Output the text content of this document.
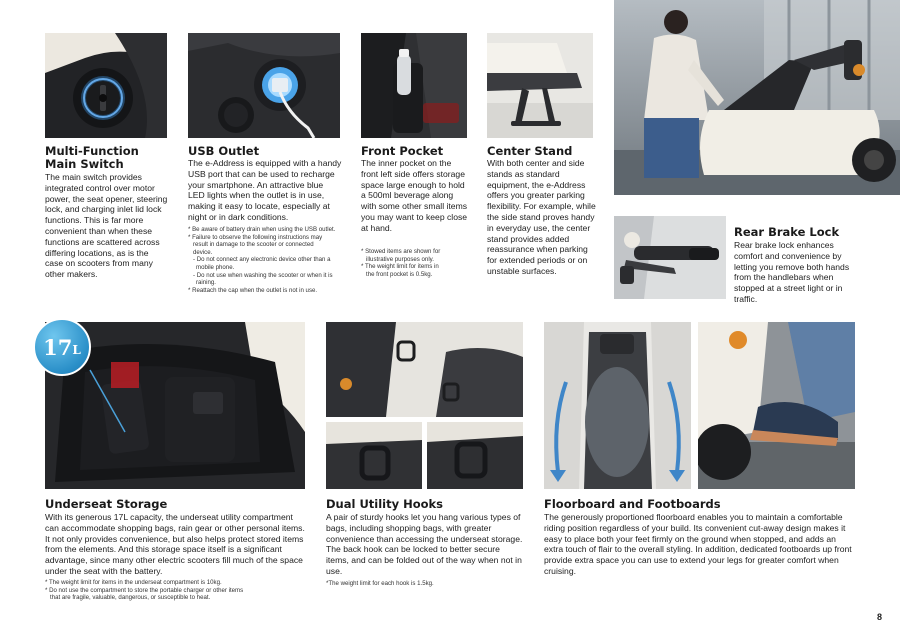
Multi-Function
Main Switch
The main switch provides integrated control over motor power, the seat opener, steering lock, and charging inlet lid lock functions. This is far more convenient than when these functions are scattered across differing locations, as is the case on scooters from many other makers.
USB Outlet
The e-Address is equipped with a handy USB port that can be used to recharge your smartphone. An attractive blue LED lights when the outlet is in use, making it easy to locate, especially at night or in dark conditions.
* Be aware of battery drain when using the USB outlet.
* Failure to observe the following instructions may
result in damage to the scooter or connected
device.
- Do not connect any electronic device other than a
mobile phone.
- Do not use when washing the scooter or when it is
raining.
* Reattach the cap when the outlet is not in use.
Front Pocket
The inner pocket on the front left side offers storage space large enough to hold a 500ml beverage along with some other small items you may want to keep close at hand.
* Stowed items are shown for
illustrative purposes only.
* The weight limit for items in
the front pocket is 0.5kg.
Center Stand
With both center and side stands as standard equipment, the e-Address offers you greater parking flexibility. For example, while the side stand proves handy in everyday use, the center stand provides added reassurance when parking for extended periods or on unstable surfaces.
Rear Brake Lock
Rear brake lock enhances comfort and convenience by letting you remove both hands from the handlebars when stopped at a street light or in traffic.
17 L
Underseat Storage
With its generous 17L capacity, the underseat utility compartment can accommodate shopping bags, rain gear or other personal items. It not only provides convenience, but also helps protect stored items from the elements. And this storage space itself is a significant advantage, since many other electric scooters fill much of the space under the seat with the battery.
* The weight limit for items in the underseat compartment is 10kg.
* Do not use the compartment to store the portable charger or other items
that are fragile, valuable, dangerous, or susceptible to heat.
Dual Utility Hooks
A pair of sturdy hooks let you hang various types of bags, including shopping bags, with greater convenience than accessing the underseat storage. The back hook can be locked to better secure items, and can be folded out of the way when not in use.
*The weight limit for each hook is 1.5kg.
Floorboard and Footboards
The generously proportioned floorboard enables you to maintain a comfortable riding position regardless of your build. Its convenient cut-away design makes it easy to place both your feet firmly on the ground when stopped, and adds an extra touch of flair to the overall styling. In addition, dedicated footboards up front provide extra space you can use to extend your legs for greater comfort when cruising.
8
